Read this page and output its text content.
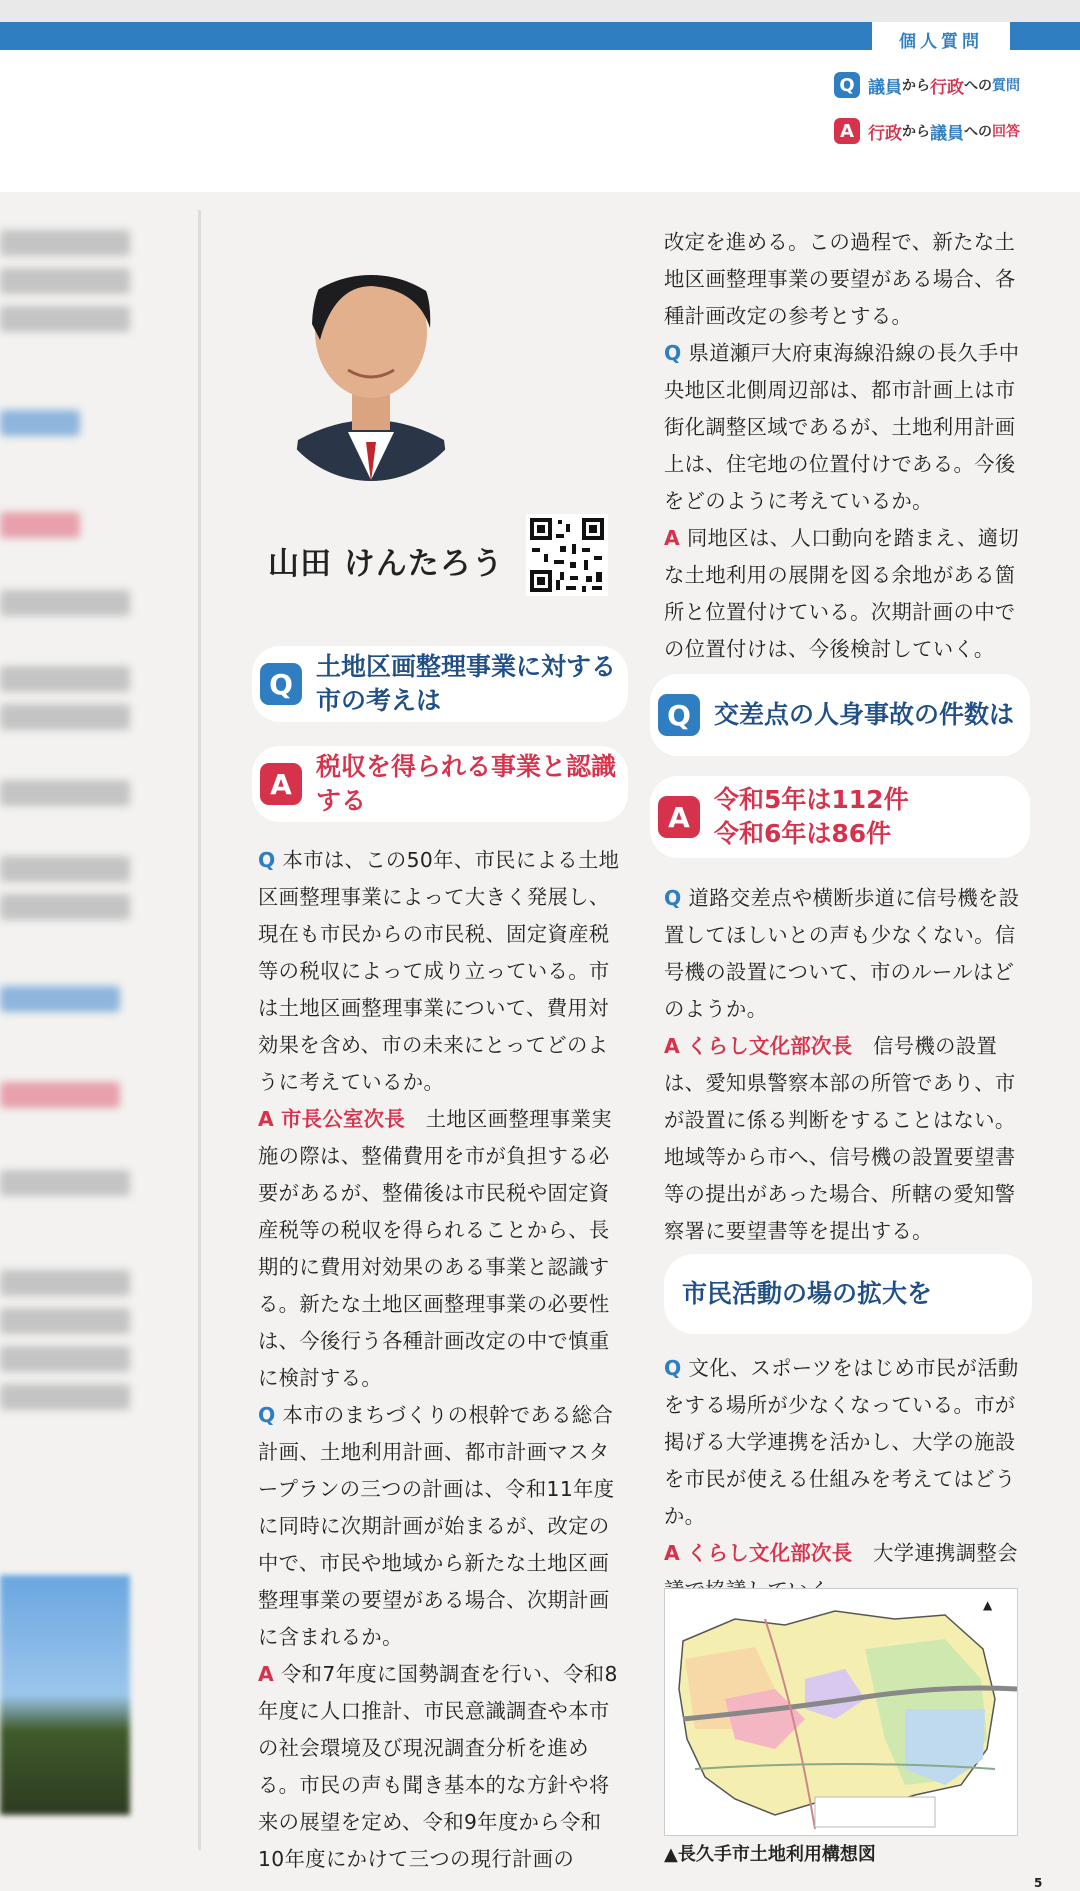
個人質問
Q 議員 から 行政 への 質問
A 行政 から 議員 への 回答
山田 けんたろう
Q
土地区画整理事業に対する市の考えは
A
税収を得られる事業と認識する

Q 本市は、この50年、市民による土地区画整理事業によって大きく発展し、現在も市民からの市民税、固定資産税等の税収によって成り立っている。市は土地区画整理事業について、費用対効果を含め、市の未来にとってどのように考えているか。

A 市長公室次長　 土地区画整理事業実施の際は、整備費用を市が負担する必要があるが、整備後は市民税や固定資産税等の税収を得られることから、長期的に費用対効果のある事業と認識する。新たな土地区画整理事業の必要性は、今後行う各種計画改定の中で慎重に検討する。

Q 本市のまちづくりの根幹である総合計画、土地利用計画、都市計画マスタープランの三つの計画は、令和11年度に同時に次期計画が始まるが、改定の中で、市民や地域から新たな土地区画整理事業の要望がある場合、次期計画に含まれるか。

A 令和7年度に国勢調査を行い、令和8年度に人口推計、市民意識調査や本市の社会環境及び現況調査分析を進める。市民の声も聞き基本的な方針や将来の展望を定め、令和9年度から令和10年度にかけて三つの現行計画の

改定を進める。この過程で、新たな土地区画整理事業の要望がある場合、各種計画改定の参考とする。

Q 県道瀬戸大府東海線沿線の長久手中央地区北側周辺部は、都市計画上は市街化調整区域であるが、土地利用計画上は、住宅地の位置付けである。今後をどのように考えているか。

A 同地区は、人口動向を踏まえ、適切な土地利用の展開を図る余地がある箇所と位置付けている。次期計画の中での位置付けは、今後検討していく。

Q 交差点の人身事故の件数は
A
令和5年は112件
令和6年は86件

Q 道路交差点や横断歩道に信号機を設置してほしいとの声も少なくない。信号機の設置について、市のルールはどのようか。

A くらし文化部次長　 信号機の設置は、愛知県警察本部の所管であり、市が設置に係る判断をすることはない。地域等から市へ、信号機の設置要望書等の提出があった場合、所轄の愛知警察署に要望書等を提出する。

市民活動の場の拡大を

Q 文化、スポーツをはじめ市民が活動をする場所が少なくなっている。市が掲げる大学連携を活かし、大学の施設を市民が使える仕組みを考えてはどうか。

A くらし文化部次長　 大学連携調整会

▲
▲長久手市土地利用構想図
5
